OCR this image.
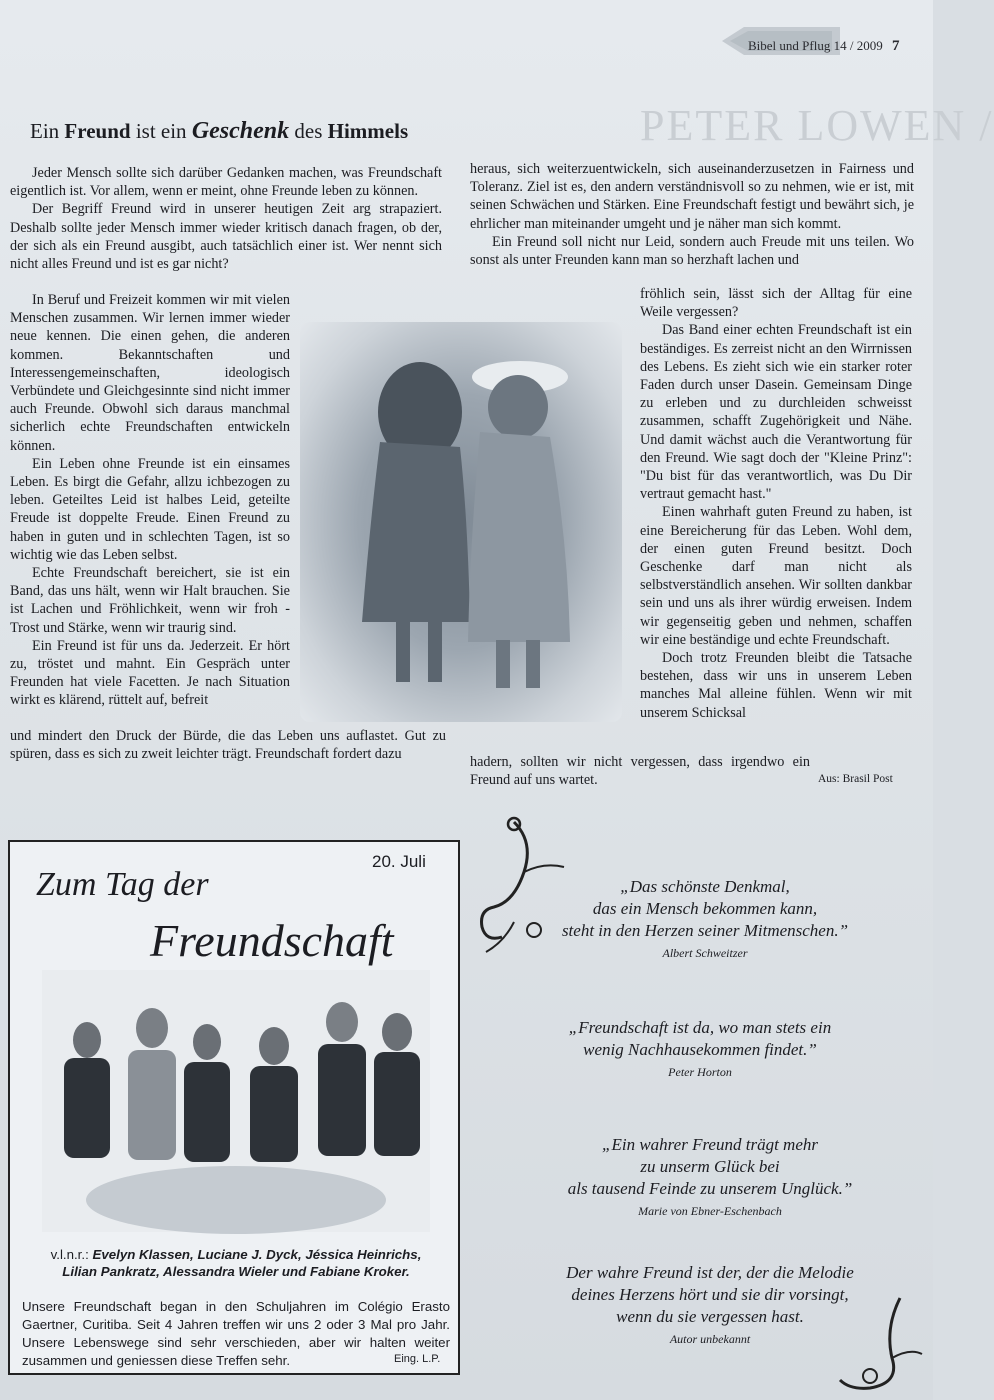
Bibel und Pflug 14 / 2009 7
PETER LOWEN /
Ein Freund ist ein Geschenk des Himmels

Jeder Mensch sollte sich darüber Gedanken machen, was Freundschaft eigentlich ist. Vor allem, wenn er meint, ohne Freunde leben zu können.

Der Begriff Freund wird in unserer heutigen Zeit arg strapaziert. Deshalb sollte jeder Mensch immer wieder kritisch danach fragen, ob der, der sich als ein Freund ausgibt, auch tatsächlich einer ist. Wer nennt sich nicht alles Freund und ist es gar nicht?

In Beruf und Freizeit kommen wir mit vielen Menschen zusammen. Wir lernen immer wieder neue kennen. Die einen gehen, die anderen kommen. Bekanntschaften und Interessengemeinschaften, ideologisch Verbündete und Gleichgesinnte sind nicht immer auch Freunde. Obwohl sich daraus manchmal sicherlich echte Freundschaften entwickeln können.

Ein Leben ohne Freunde ist ein einsames Leben. Es birgt die Gefahr, allzu ichbezogen zu leben. Geteiltes Leid ist halbes Leid, geteilte Freude ist doppelte Freude. Einen Freund zu haben in guten und in schlechten Tagen, ist so wichtig wie das Leben selbst.

Echte Freundschaft bereichert, sie ist ein Band, das uns hält, wenn wir Halt brauchen. Sie ist Lachen und Fröhlichkeit, wenn wir froh - Trost und Stärke, wenn wir traurig sind.

Ein Freund ist für uns da. Jederzeit. Er hört zu, tröstet und mahnt. Ein Gespräch unter Freunden hat viele Facetten. Je nach Situation wirkt es klärend, rüttelt auf, befreit

und mindert den Druck der Bürde, die das Leben uns auflastet. Gut zu spüren, dass es sich zu zweit leichter trägt. Freundschaft fordert dazu

heraus, sich weiterzuentwickeln, sich auseinanderzusetzen in Fairness und Toleranz. Ziel ist es, den andern verständnisvoll so zu nehmen, wie er ist, mit seinen Schwächen und Stärken. Eine Freundschaft festigt und bewährt sich, je ehrlicher man miteinander umgeht und je näher man sich kommt.

Ein Freund soll nicht nur Leid, sondern auch Freude mit uns teilen. Wo sonst als unter Freunden kann man so herzhaft lachen und

fröhlich sein, lässt sich der Alltag für eine Weile vergessen?

Das Band einer echten Freundschaft ist ein beständiges. Es zerreist nicht an den Wirrnissen des Lebens. Es zieht sich wie ein starker roter Faden durch unser Dasein. Gemeinsam Dinge zu erleben und zu durchleiden schweisst zusammen, schafft Zugehörigkeit und Nähe. Und damit wächst auch die Verantwortung für den Freund. Wie sagt doch der "Kleine Prinz": "Du bist für das verantwortlich, was Du Dir vertraut gemacht hast."

Einen wahrhaft guten Freund zu haben, ist eine Bereicherung für das Leben. Wohl dem, der einen guten Freund besitzt. Doch Geschenke darf man nicht als selbstverständlich ansehen. Wir sollten dankbar sein und uns als ihrer würdig erweisen. Indem wir gegenseitig geben und nehmen, schaffen wir eine beständige und echte Freundschaft.

Doch trotz Freunden bleibt die Tatsache bestehen, dass wir uns in unserem Leben manches Mal alleine fühlen. Wenn wir mit unserem Schicksal

hadern, sollten wir nicht vergessen, dass irgendwo ein Freund auf uns wartet.	Aus: Brasil Post
20. Juli
Zum Tag der
Freundschaft
v.l.n.r.: Evelyn Klassen, Luciane J. Dyck, Jéssica Heinrichs,
Lilian Pankratz, Alessandra Wieler und Fabiane Kroker.
Unsere Freundschaft began in den Schuljahren im Colégio Erasto Gaertner, Curitiba. Seit 4 Jahren treffen wir uns 2 oder 3 Mal pro Jahr. Unsere Lebenswege sind sehr verschieden, aber wir halten weiter zusammen und geniessen diese Treffen sehr.	Eing. L.P.
„Das schönste Denkmal,
das ein Mensch bekommen kann,
steht in den Herzen seiner Mitmenschen.”
Albert Schweitzer
„Freundschaft ist da, wo man stets ein
wenig Nachhausekommen findet.”
Peter Horton
„Ein wahrer Freund trägt mehr
zu unserm Glück bei
als tausend Feinde zu unserem Unglück.”
Marie von Ebner-Eschenbach
Der wahre Freund ist der, der die Melodie
deines Herzens hört und sie dir vorsingt,
wenn du sie vergessen hast.
Autor unbekannt
